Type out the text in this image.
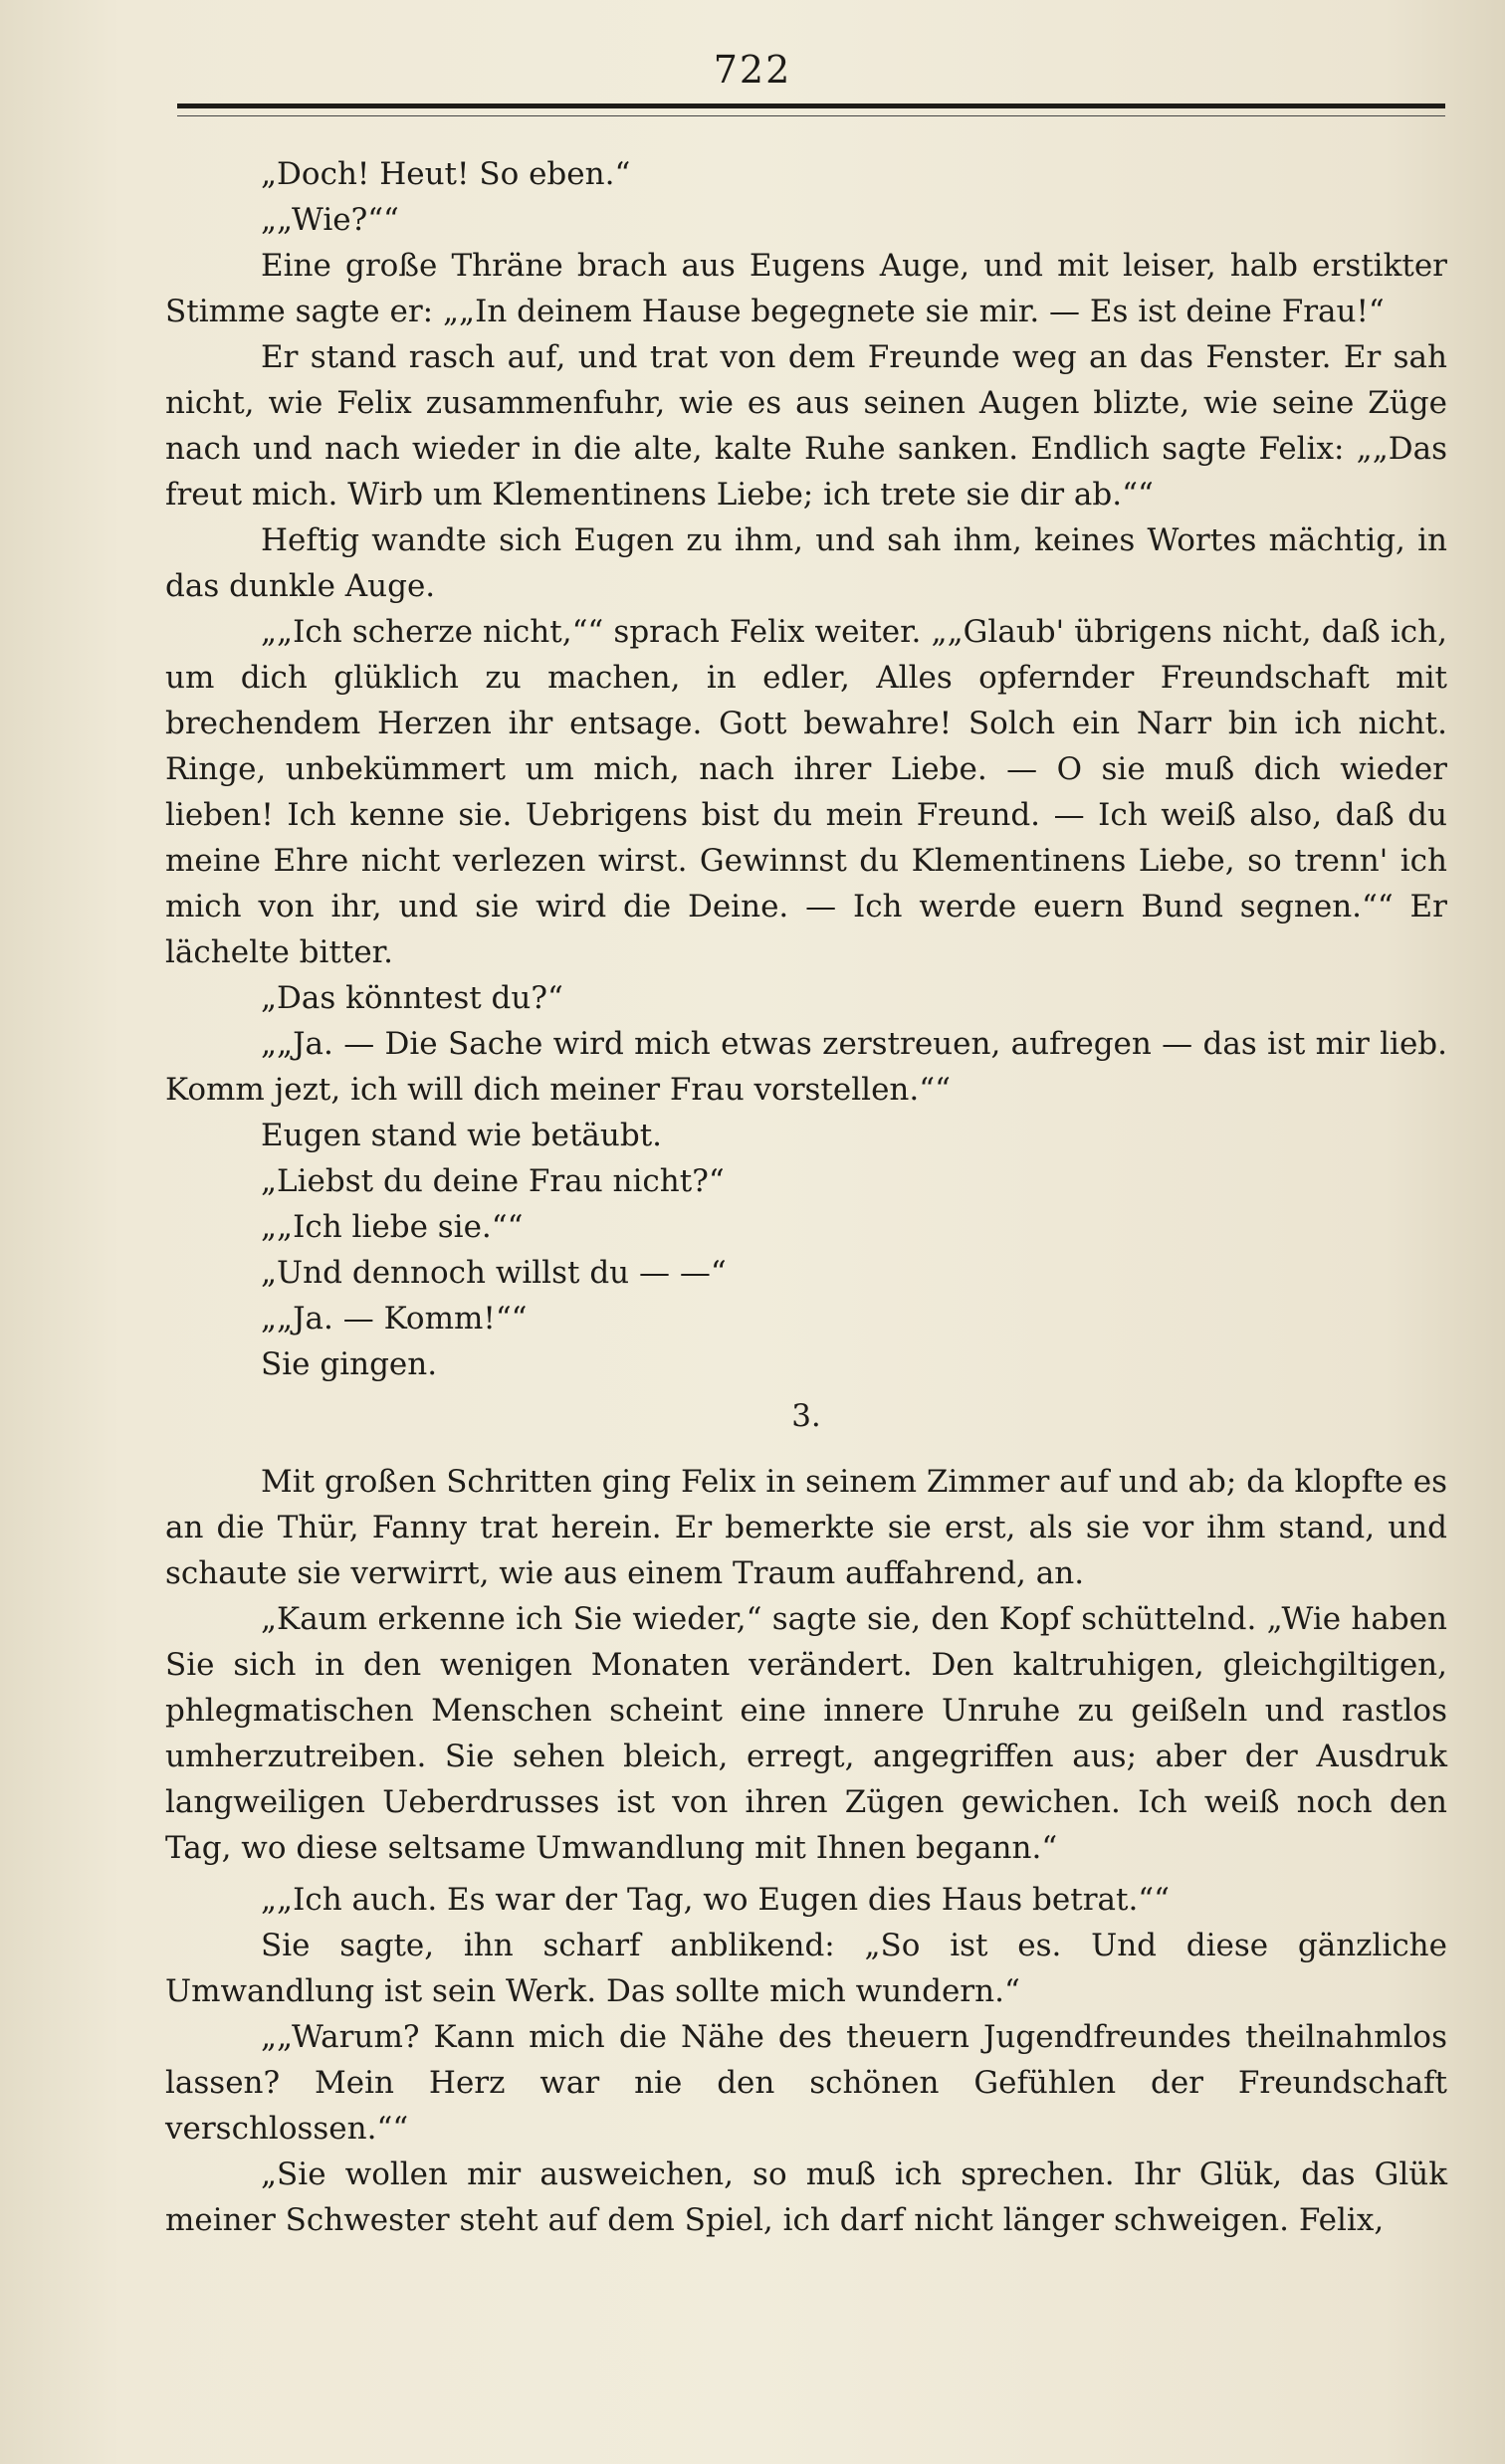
722

„Doch! Heut! So eben.“

„„Wie?““

Eine große Thräne brach aus Eugens Auge, und mit leiser, halb erstikter Stimme sagte er: „„In deinem Hause begegnete sie mir. — Es ist deine Frau!“

Er stand rasch auf, und trat von dem Freunde weg an das Fenster. Er sah nicht, wie Felix zusammenfuhr, wie es aus seinen Augen blizte, wie seine Züge nach und nach wieder in die alte, kalte Ruhe sanken. Endlich sagte Felix: „„Das freut mich. Wirb um Klementinens Liebe; ich trete sie dir ab.““

Heftig wandte sich Eugen zu ihm, und sah ihm, keines Wortes mächtig, in das dunkle Auge.

„„Ich scherze nicht,““ sprach Felix weiter. „„Glaub' übrigens nicht, daß ich, um dich glüklich zu machen, in edler, Alles opfernder Freundschaft mit brechendem Herzen ihr entsage. Gott bewahre! Solch ein Narr bin ich nicht. Ringe, unbekümmert um mich, nach ihrer Liebe. — O sie muß dich wieder lieben! Ich kenne sie. Uebrigens bist du mein Freund. — Ich weiß also, daß du meine Ehre nicht verlezen wirst. Gewinnst du Klementinens Liebe, so trenn' ich mich von ihr, und sie wird die Deine. — Ich werde euern Bund segnen.““ Er lächelte bitter.

„Das könntest du?“

„„Ja. — Die Sache wird mich etwas zerstreuen, aufregen — das ist mir lieb. Komm jezt, ich will dich meiner Frau vorstellen.““

Eugen stand wie betäubt.

„Liebst du deine Frau nicht?“

„„Ich liebe sie.““

„Und dennoch willst du — —“

„„Ja. — Komm!““

Sie gingen.

3.

Mit großen Schritten ging Felix in seinem Zimmer auf und ab; da klopfte es an die Thür, Fanny trat herein. Er bemerkte sie erst, als sie vor ihm stand, und schaute sie verwirrt, wie aus einem Traum auffahrend, an.

„Kaum erkenne ich Sie wieder,“ sagte sie, den Kopf schüttelnd. „Wie haben Sie sich in den wenigen Monaten verändert. Den kaltruhigen, gleichgiltigen, phlegmatischen Menschen scheint eine innere Unruhe zu geißeln und rastlos umherzutreiben. Sie sehen bleich, erregt, angegriffen aus; aber der Ausdruk langweiligen Ueberdrusses ist von ihren Zügen gewichen. Ich weiß noch den Tag, wo diese seltsame Umwandlung mit Ihnen begann.“

„„Ich auch. Es war der Tag, wo Eugen dies Haus betrat.““

Sie sagte, ihn scharf anblikend: „So ist es. Und diese gänzliche Umwandlung ist sein Werk. Das sollte mich wundern.“

„„Warum? Kann mich die Nähe des theuern Jugendfreundes theilnahmlos lassen? Mein Herz war nie den schönen Gefühlen der Freundschaft verschlossen.““

„Sie wollen mir ausweichen, so muß ich sprechen. Ihr Glük, das Glük meiner Schwester steht auf dem Spiel, ich darf nicht länger schweigen. Felix,
